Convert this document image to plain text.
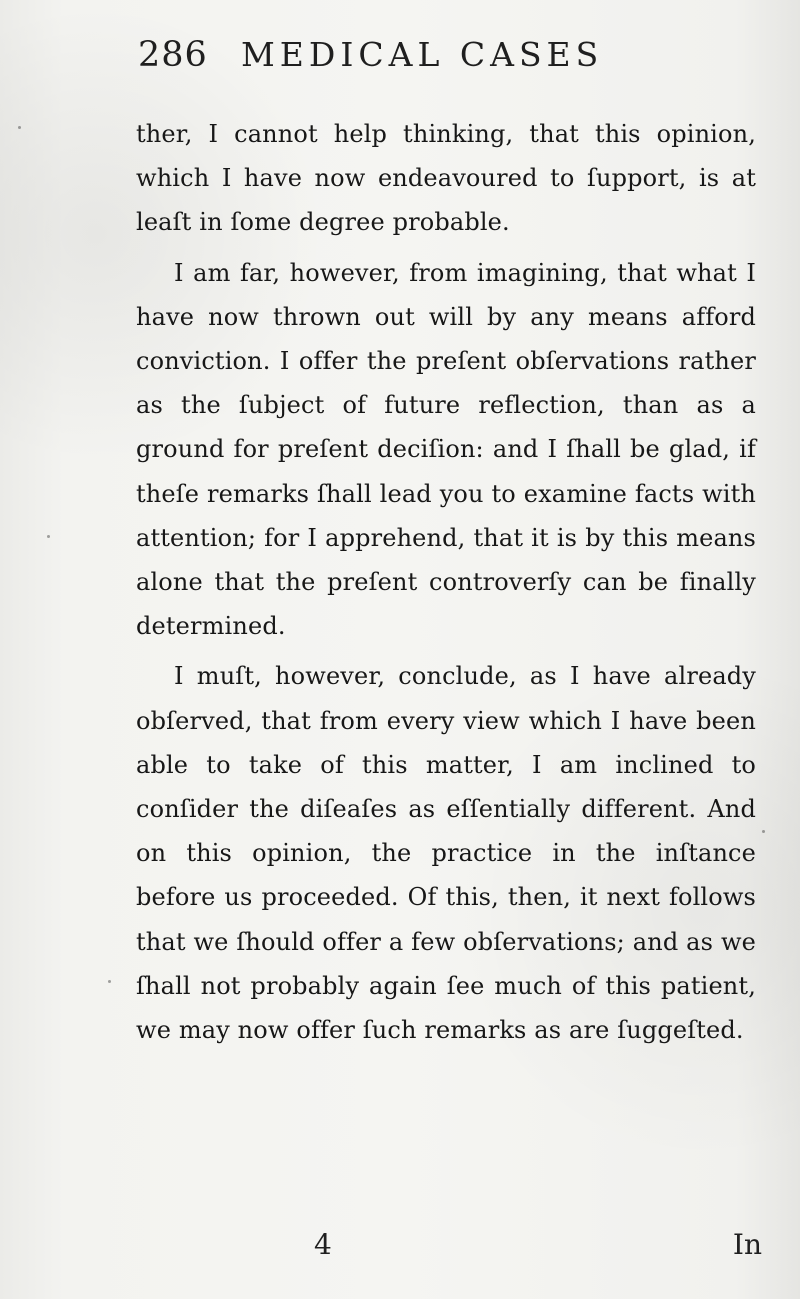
286 MEDICAL CASES

ther, I cannot help thinking, that this opinion, which I have now endeavoured to ſupport, is at leaſt in ſome degree probable.

I am far, however, from imagining, that what I have now thrown out will by any means afford conviction. I offer the preſent obſervations rather as the ſubject of future reflection, than as a ground for preſent deciſion: and I ſhall be glad, if theſe remarks ſhall lead you to examine facts with attention; for I apprehend, that it is by this means alone that the preſent controverſy can be finally determined.

I muſt, however, conclude, as I have already obſerved, that from every view which I have been able to take of this matter, I am inclined to conſider the diſeaſes as eſſentially different. And on this opinion, the practice in the inſtance before us proceeded. Of this, then, it next follows that we ſhould offer a few obſervations; and as we ſhall not probably again ſee much of this patient, we may now offer ſuch remarks as are ſuggeſted.

4	In
